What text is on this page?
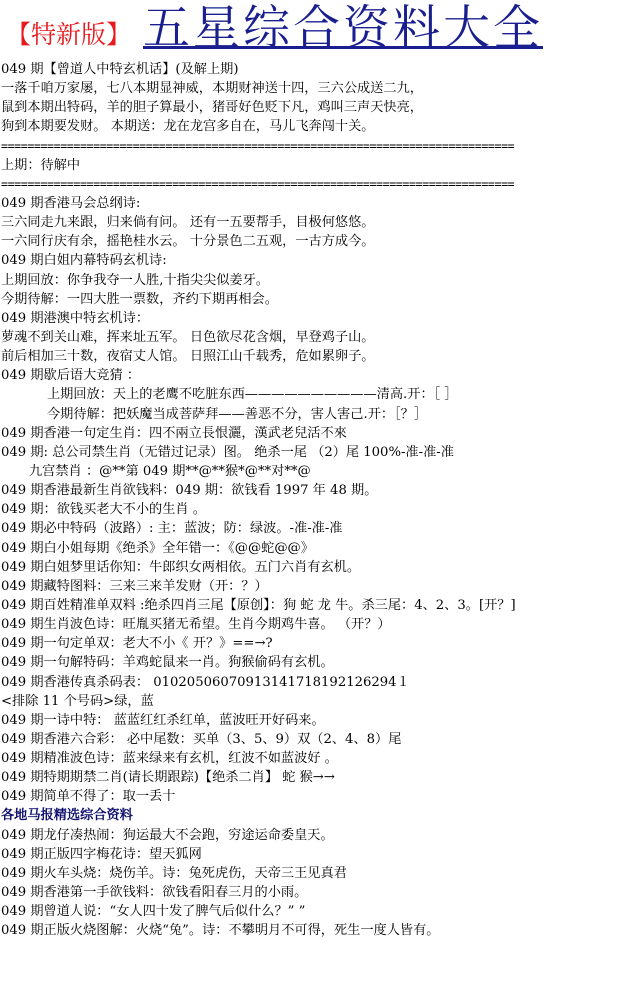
【特新版】 五星综合资料大全
049 期【曾道人中特玄机话】(及解上期)
一落千咱万家屡，七八本期显神威，本期财神送十四，三六公成送二九，
鼠到本期出特码，羊的胆子算最小，猪哥好色贬下凡，鸡叫三声天快亮，
狗到本期要发财。 本期送：龙在龙宫多自在，马儿飞奔闯十关。
==============================================================================
上期：待解中
==============================================================================
049 期香港马会总纲诗:
三六同走九来跟，归来倘有问。 还有一五要帮手，目极何悠悠。
一六同行庆有余，摇艳桂水云。 十分景色二五观，一古方成今。
049 期白姐内幕特码玄机诗:
上期回放：你争我夺一人胜,十指尖尖似姜牙。
今期待解：一四大胜一票数，齐约下期再相会。
049 期港澳中特玄机诗：
萝魂不到关山难，挥来址五军。 日色欲尽花含烟，早登鸡子山。
前后相加三十数，夜宿丈人馆。 日照江山千载秀，危如累卵子。
049 期歇后语大竞猜 ：
上期回放：天上的老鹰不吃脏东西——————————清高.开：［ ］
今期待解：把妖魔当成菩萨拜——善恶不分，害人害己.开：［？］
049 期香港一句定生肖：四不兩立長恨灑，漢武老兒活不來
049 期: 总公司禁生肖（无错过记录）图。 绝杀一尾 （2）尾 100%-准-准-准
九宫禁肖 ：@**第 049 期**@**猴*@**对**@
049 期香港最新生肖欲钱料：049 期：欲钱看 1997 年 48 期。
049 期：欲钱买老大不小的生肖 。
049 期必中特码（波路）: 主：蓝波；防：绿波。-准-准-准
049 期白小姐每期《绝杀》全年错一：《@@蛇@@》
049 期白姐梦里话你知：牛郎织女两相依。五门六肖有玄机。
049 期藏特图料：三来三来羊发财（开：？）
049 期百姓精准单双料 :绝杀四肖三尾【原创】：狗 蛇 龙 牛。杀三尾：4、2、3。[开？]
049 期生肖波色诗：旺胤买猪无希望。生肖今期鸡牛喜。 （开？）
049 期一句定单双：老大不小《 开？》==→?
049 期一句解特码：羊鸡蛇鼠来一肖。狗猴偷码有玄机。
049 期香港传真杀码表： 01020506070913141718192126294１
<排除 11 个号码>绿，蓝
049 期一诗中特： 蓝蓝红红杀红单，蓝波旺开好码来。
049 期香港六合彩： 必中尾数：买单（3、5、9）双（2、4、8）尾
049 期精准波色诗：蓝来绿来有玄机，红波不如蓝波好 。
049 期特期期禁二肖(请长期跟踪)【绝杀二肖】 蛇 猴→→
049 期简单不得了：取一丢十
各地马报精选综合资料
049 期龙仔凑热闹：狗运最大不会跑，穷途运命委皇天。
049 期正版四字梅花诗：望天狐网
049 期火车头烧：烧伤羊。诗：兔死虎伤，天帝三王见真君
049 期香港第一手欲钱料：欲钱看阳春三月的小雨。
049 期曾道人说：“女人四十发了脾气后似什么？” ”
049 期正版火烧图解：火烧“兔”。诗：不攀明月不可得，死生一度人皆有。
